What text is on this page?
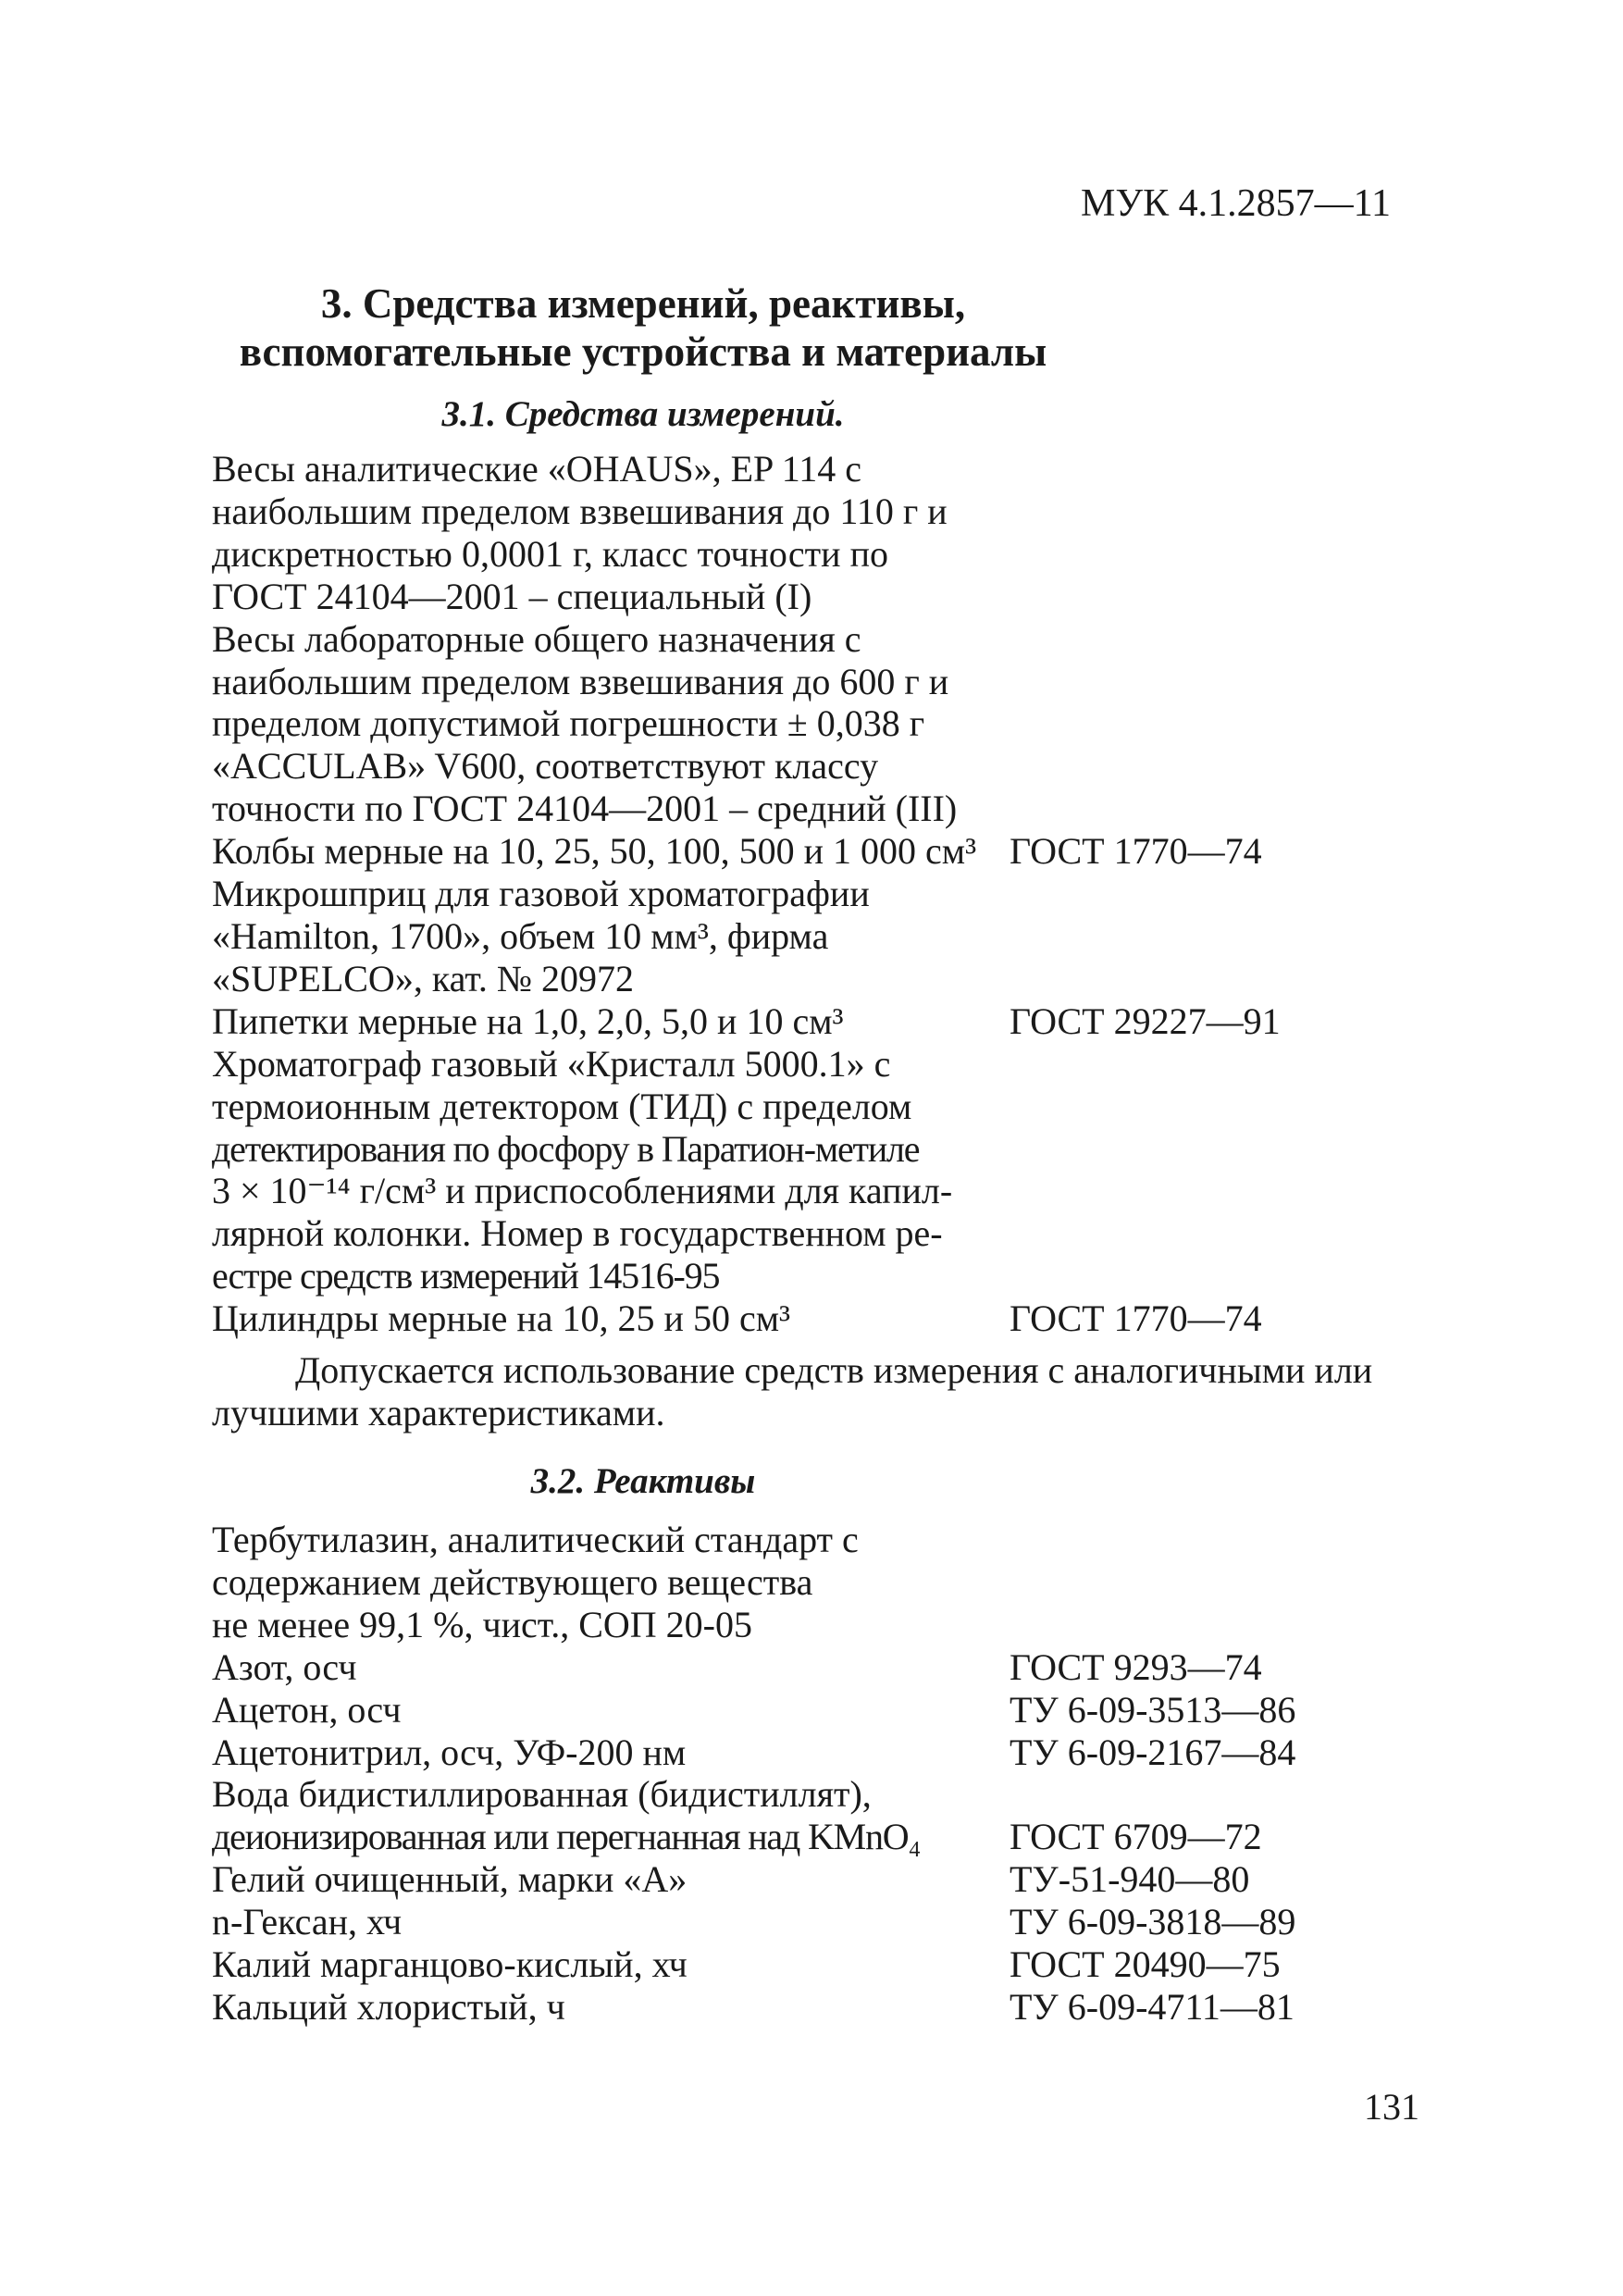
МУК 4.1.2857—11
3. Средства измерений, реактивы,
вспомогательные устройства и материалы
3.1. Средства измерений.
Весы аналитические «OHAUS», EP 114 с
наибольшим пределом взвешивания до 110 г и
дискретностью 0,0001 г, класс точности по
ГОСТ 24104—2001 – специальный (I)
Весы лабораторные общего назначения с
наибольшим пределом взвешивания до 600 г и
пределом допустимой погрешности ± 0,038 г
«ACCULAB» V600, соответствуют классу
точности по ГОСТ 24104—2001 – средний (III)
Колбы мерные на 10, 25, 50, 100, 500 и 1 000 см³ ГОСТ 1770—74
Микрошприц для газовой хроматографии
«Hamilton, 1700», объем 10 мм³, фирма
«SUPELCO», кат. № 20972
Пипетки мерные на 1,0, 2,0, 5,0 и 10 см³	ГОСТ 29227—91
Хроматограф газовый «Кристалл 5000.1» с
термоионным детектором (ТИД) с пределом
детектирования по фосфору в Паратион-метиле
3 × 10⁻¹⁴ г/см³ и приспособлениями для капил-
лярной колонки. Номер в государственном ре-
естре средств измерений 14516-95
Цилиндры мерные на 10, 25 и 50 см³	ГОСТ 1770—74

Допускается использование средств измерения с аналогичными или лучшими характеристиками.

3.2. Реактивы
Тербутилазин, аналитический стандарт с
содержанием действующего вещества
не менее 99,1 %, чист., СОП 20-05
Азот, осч	ГОСТ 9293—74
Ацетон, осч	ТУ 6-09-3513—86
Ацетонитрил, осч, УФ-200 нм	ТУ 6-09-2167—84
Вода бидистиллированная (бидистиллят),
деионизированная или перегнанная над KMnO₄	ГОСТ 6709—72
Гелий очищенный, марки «А»	ТУ-51-940—80
n-Гексан, хч	ТУ 6-09-3818—89
Калий марганцово-кислый, хч	ГОСТ 20490—75
Кальций хлористый, ч	ТУ 6-09-4711—81
131
